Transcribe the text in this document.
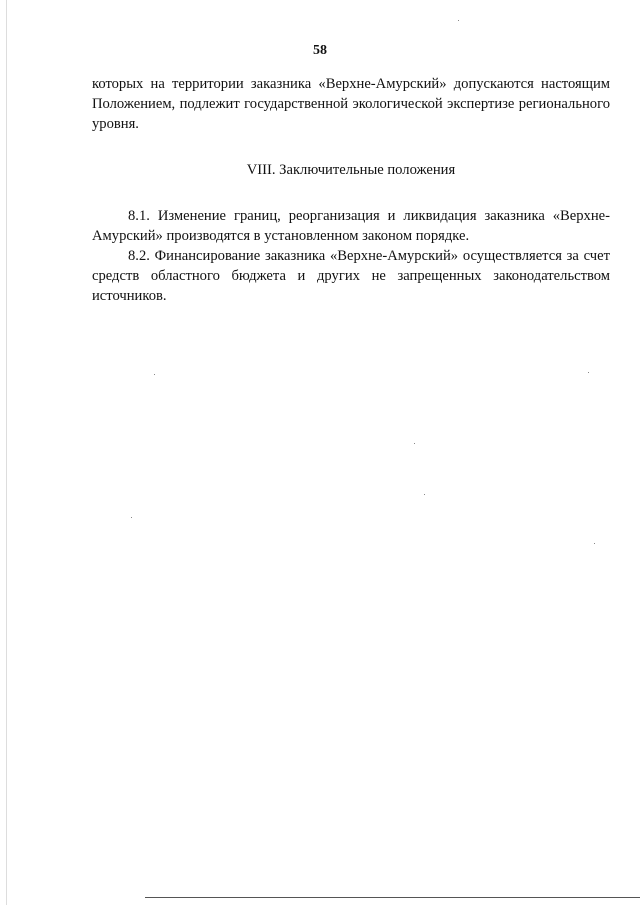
58

которых на территории заказника «Верхне-Амурский» допускаются настоящим Положением, подлежит государственной экологической экспертизе регионального уровня.

VIII. Заключительные положения

8.1. Изменение границ, реорганизация и ликвидация заказника «Верхне-Амурский» производятся в установленном законом порядке.

8.2. Финансирование заказника «Верхне-Амурский» осуществляется за счет средств областного бюджета и других не запрещенных законодательством источников.
